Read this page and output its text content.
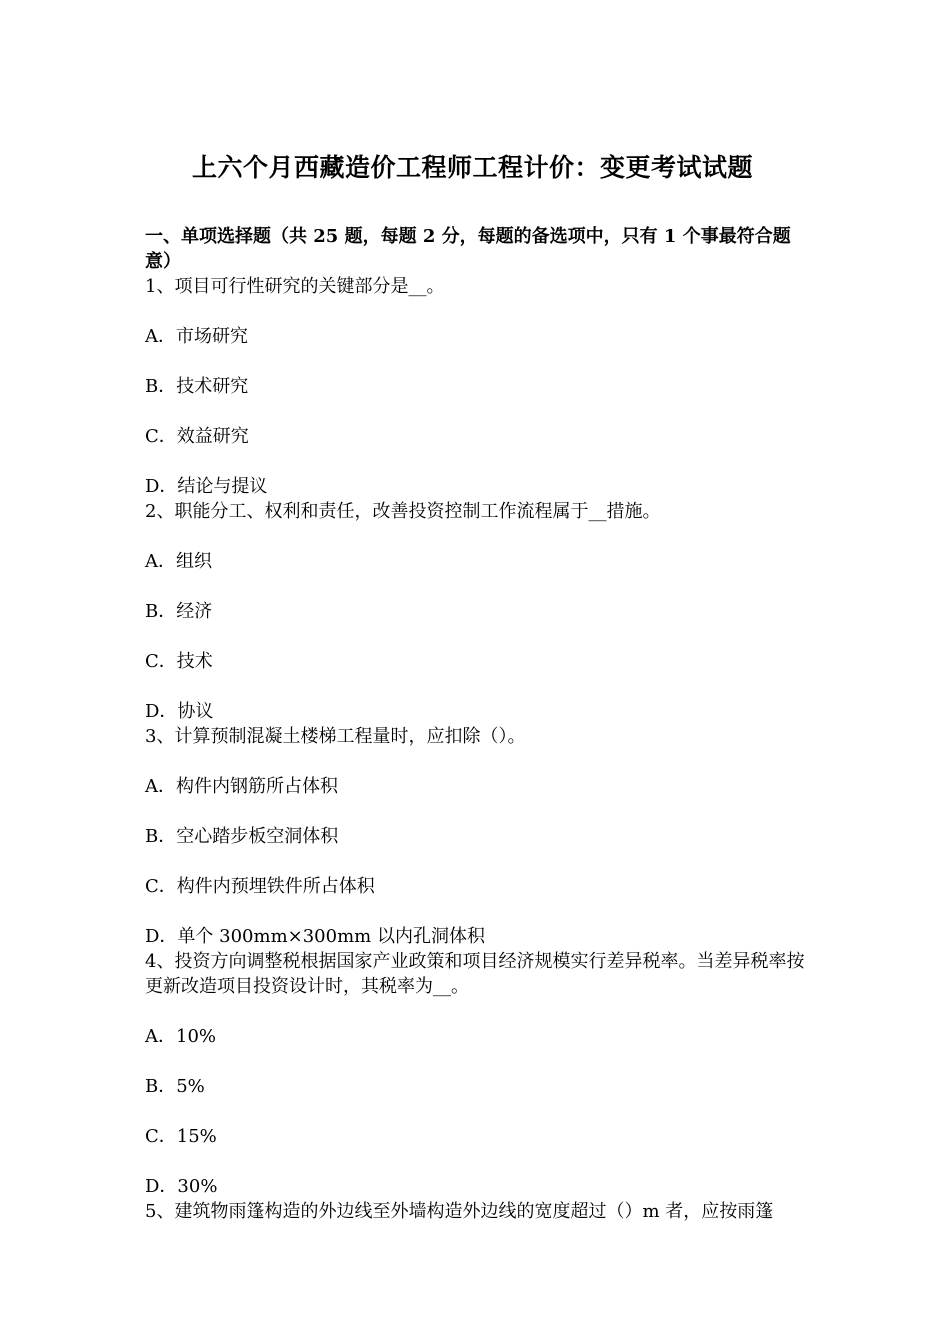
上六个月西藏造价工程师工程计价：变更考试试题

一、单项选择题（共 25 题，每题 2 分，每题的备选项中，只有 1 个事最符合题意）

1、项目可行性研究的关键部分是__。

A．市场研究

B．技术研究

C．效益研究

D．结论与提议

2、职能分工、权利和责任，改善投资控制工作流程属于__措施。

A．组织

B．经济

C．技术

D．协议

3、计算预制混凝土楼梯工程量时，应扣除（）。

A．构件内钢筋所占体积

B．空心踏步板空洞体积

C．构件内预埋铁件所占体积

D．单个 300mm×300mm 以内孔洞体积

4、投资方向调整税根据国家产业政策和项目经济规模实行差异税率。当差异税率按更新改造项目投资设计时，其税率为__。

A．10%

B．5%

C．15%

D．30%

5、建筑物雨篷构造的外边线至外墙构造外边线的宽度超过（）m 者，应按雨篷
